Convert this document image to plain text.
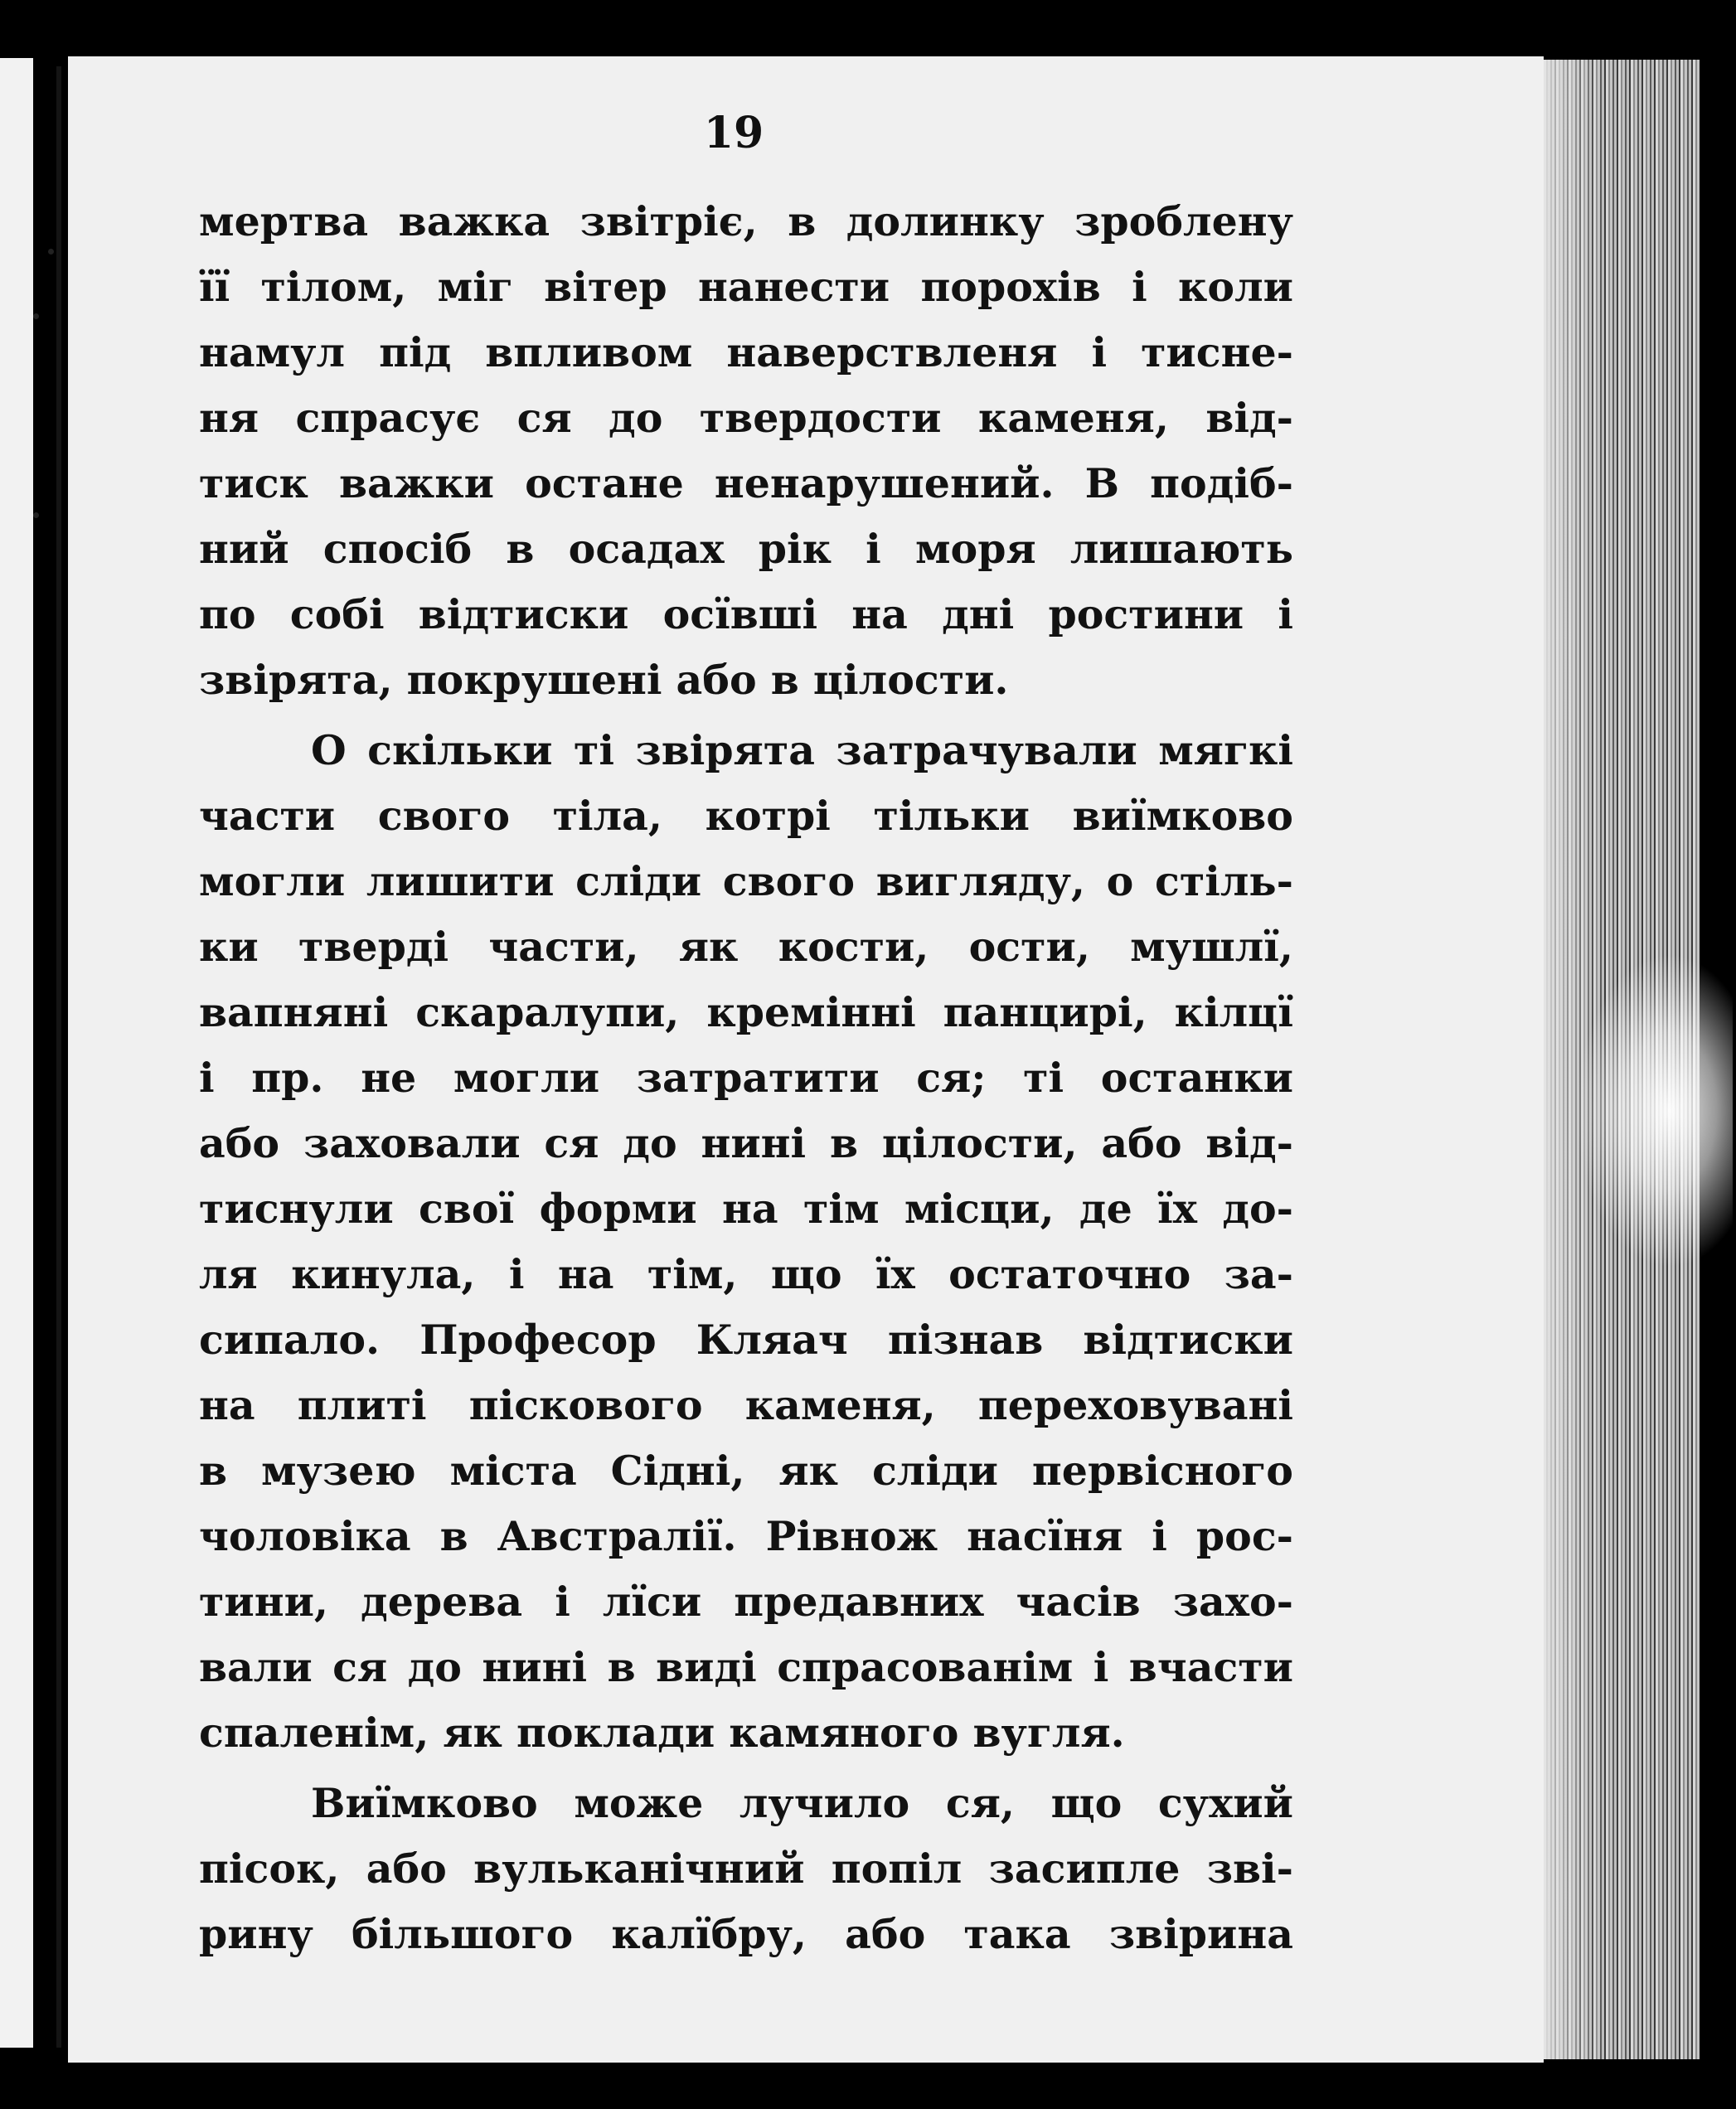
19

мертва важка звітріє, в долинку зроблену
її тілом, міг вітер нанести порохів і коли
намул під впливом наверствленя і тисне-
ня спрасує ся до твердости каменя, від-
тиск важки остане ненарушений. В подіб-
ний спосіб в осадах рік і моря лишають
по собі відтиски осївші на дні ростини і
звірята, покрушені або в цілости.
О скільки ті звірята затрачували мягкі
части свого тіла, котрі тільки виїмково
могли лишити сліди свого вигляду, о стіль-
ки тверді части, як кости, ости, мушлї,
вапняні скаралупи, кремінні панцирі, кілцї
і пр. не могли затратити ся; ті останки
або заховали ся до нині в цілости, або від-
тиснули свої форми на тім місци, де їх до-
ля кинула, і на тім, що їх остаточно за-
сипало. Професор Кляач пізнав відтиски
на плиті піскового каменя, переховувані
в музею міста Сідні, як сліди первісного
чоловіка в Австралії. Рівнож насїня і рос-
тини, дерева і лїси предавних часів захо-
вали ся до нині в виді спрасованім і вчасти
спаленім, як поклади камяного вугля.
Виїмково може лучило ся, що сухий
пісок, або вульканічний попіл засипле зві-
рину більшого калїбру, або така звірина
